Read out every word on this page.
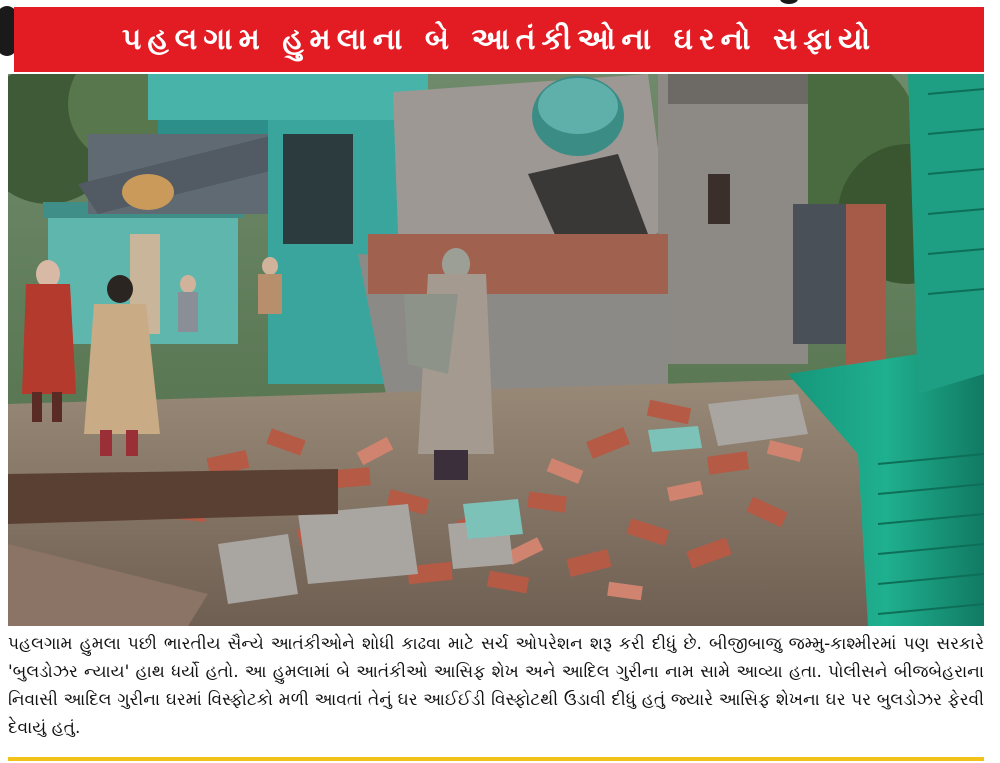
પહલગામ હુમલાના બે આતંકીઓના ઘરનો સફાયો

પહલગામ હુમલા પછી ભારતીય સૈન્યે આતંકીઓને શોધી કાઢવા માટે સર્ચ ઓપરેશન શરૂ કરી દીધું છે. બીજીબાજુ જમ્મુ-કાશ્મીરમાં પણ સરકારે 'બુલડોઝર ન્યાય' હાથ ધર્યો હતો. આ હુમલામાં બે આતંકીઓ આસિફ શેખ અને આદિલ ગુરીના નામ સામે આવ્યા હતા. પોલીસને બીજબેહરાના નિવાસી આદિલ ગુરીના ઘરમાં વિસ્ફોટકો મળી આવતાં તેનું ઘર આઈઈડી વિસ્ફોટથી ઉડાવી દીધું હતું જ્યારે આસિફ શેખના ઘર પર બુલડોઝર ફેરવી દેવાયું હતું.
